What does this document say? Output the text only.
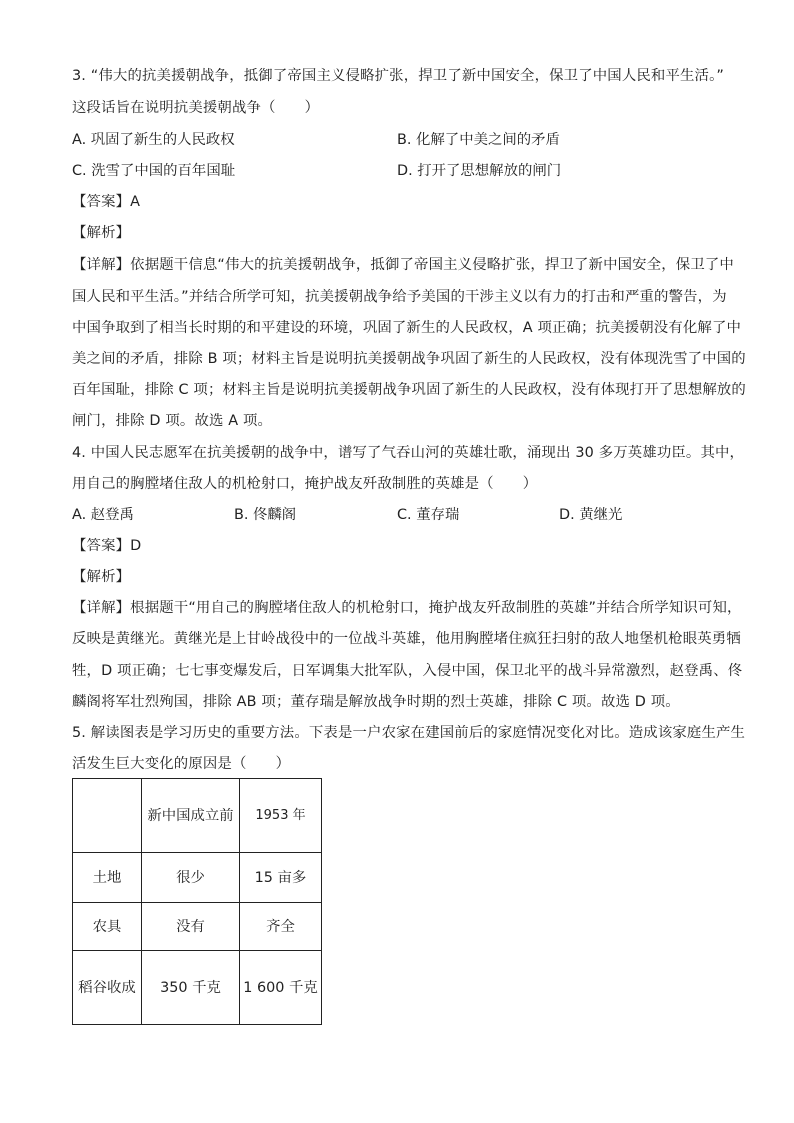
3. “伟大的抗美援朝战争，抵御了帝国主义侵略扩张，捍卫了新中国安全，保卫了中国人民和平生活。”
这段话旨在说明抗美援朝战争（　　）
A. 巩固了新生的人民政权	B. 化解了中美之间的矛盾
C. 洗雪了中国的百年国耻	D. 打开了思想解放的闸门
【答案】A
【解析】
【详解】依据题干信息“伟大的抗美援朝战争，抵御了帝国主义侵略扩张，捍卫了新中国安全，保卫了中
国人民和平生活。”并结合所学可知，抗美援朝战争给予美国的干涉主义以有力的打击和严重的警告，为
中国争取到了相当长时期的和平建设的环境，巩固了新生的人民政权，A 项正确；抗美援朝没有化解了中
美之间的矛盾，排除 B 项；材料主旨是说明抗美援朝战争巩固了新生的人民政权，没有体现洗雪了中国的
百年国耻，排除 C 项；材料主旨是说明抗美援朝战争巩固了新生的人民政权，没有体现打开了思想解放的
闸门，排除 D 项。故选 A 项。
4. 中国人民志愿军在抗美援朝的战争中，谱写了气吞山河的英雄壮歌，涌现出 30 多万英雄功臣。其中，
用自己的胸膛堵住敌人的机枪射口，掩护战友歼敌制胜的英雄是（　　）
A. 赵登禹	B. 佟麟阁	C. 董存瑞	D. 黄继光
【答案】D
【解析】
【详解】根据题干“用自己的胸膛堵住敌人的机枪射口，掩护战友歼敌制胜的英雄”并结合所学知识可知，
反映是黄继光。黄继光是上甘岭战役中的一位战斗英雄，他用胸膛堵住疯狂扫射的敌人地堡机枪眼英勇牺
牲，D 项正确；七七事变爆发后，日军调集大批军队，入侵中国，保卫北平的战斗异常激烈，赵登禹、佟
麟阁将军壮烈殉国，排除 AB 项；董存瑞是解放战争时期的烈士英雄，排除 C 项。故选 D 项。
5. 解读图表是学习历史的重要方法。下表是一户农家在建国前后的家庭情况变化对比。造成该家庭生产生
活发生巨大变化的原因是（　　）
	新中国成立前	1953 年
土地	很少	15 亩多
农具	没有	齐全
稻谷收成	350 千克	1 600 千克
